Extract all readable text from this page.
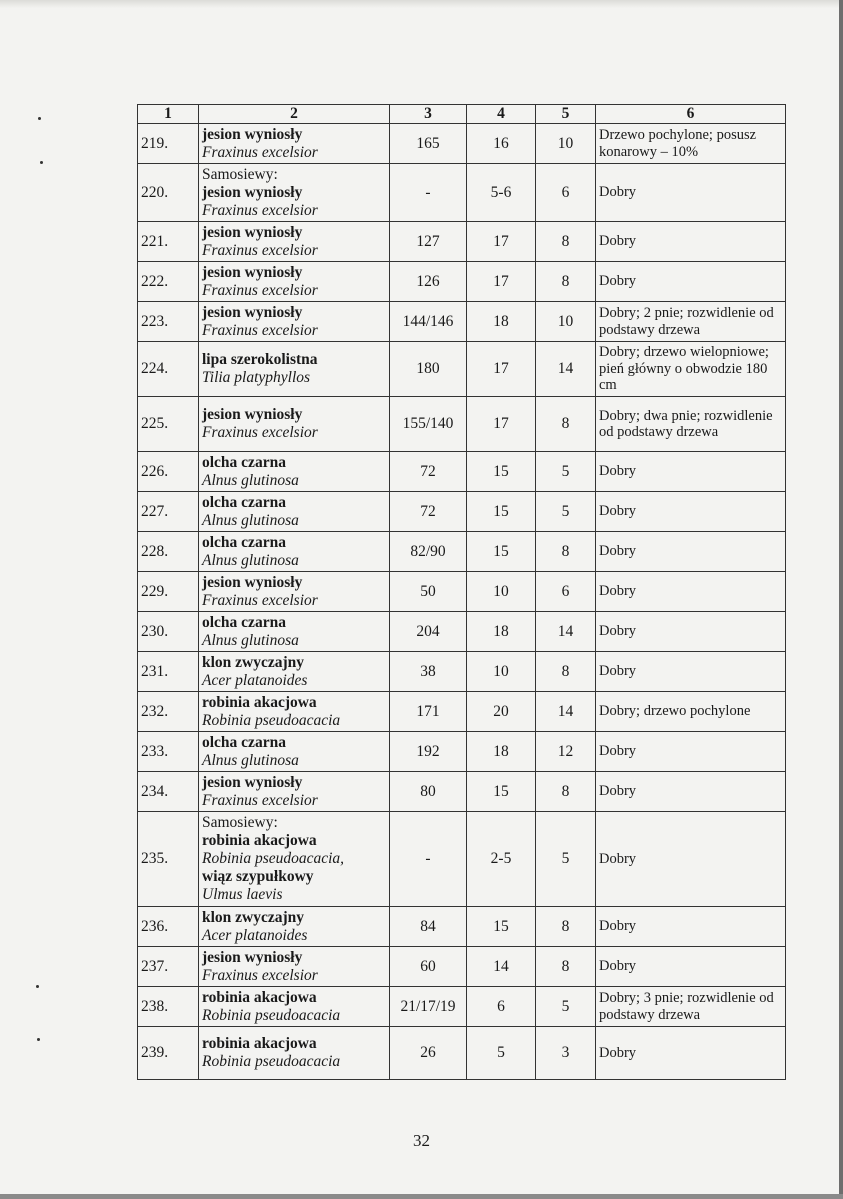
1	2	3	4	5	6
219.	jesion wyniosły
Fraxinus excelsior	165	16	10	Drzewo pochylone; posusz konarowy – 10%
220.	Samosiewy:
jesion wyniosły
Fraxinus excelsior	-	5-6	6	Dobry
221.	jesion wyniosły
Fraxinus excelsior	127	17	8	Dobry
222.	jesion wyniosły
Fraxinus excelsior	126	17	8	Dobry
223.	jesion wyniosły
Fraxinus excelsior	144/146	18	10	Dobry; 2 pnie; rozwidlenie od podstawy drzewa
224.	lipa szerokolistna
Tilia platyphyllos	180	17	14	Dobry; drzewo wielopniowe; pień główny o obwodzie 180 cm
225.	jesion wyniosły
Fraxinus excelsior	155/140	17	8	Dobry; dwa pnie; rozwidlenie od podstawy drzewa
226.	olcha czarna
Alnus glutinosa	72	15	5	Dobry
227.	olcha czarna
Alnus glutinosa	72	15	5	Dobry
228.	olcha czarna
Alnus glutinosa	82/90	15	8	Dobry
229.	jesion wyniosły
Fraxinus excelsior	50	10	6	Dobry
230.	olcha czarna
Alnus glutinosa	204	18	14	Dobry
231.	klon zwyczajny
Acer platanoides	38	10	8	Dobry
232.	robinia akacjowa
Robinia pseudoacacia	171	20	14	Dobry; drzewo pochylone
233.	olcha czarna
Alnus glutinosa	192	18	12	Dobry
234.	jesion wyniosły
Fraxinus excelsior	80	15	8	Dobry
235.	Samosiewy:
robinia akacjowa
Robinia pseudoacacia,
wiąz szypułkowy
Ulmus laevis	-	2-5	5	Dobry
236.	klon zwyczajny
Acer platanoides	84	15	8	Dobry
237.	jesion wyniosły
Fraxinus excelsior	60	14	8	Dobry
238.	robinia akacjowa
Robinia pseudoacacia	21/17/19	6	5	Dobry; 3 pnie; rozwidlenie od podstawy drzewa
239.	robinia akacjowa
Robinia pseudoacacia	26	5	3	Dobry
32
